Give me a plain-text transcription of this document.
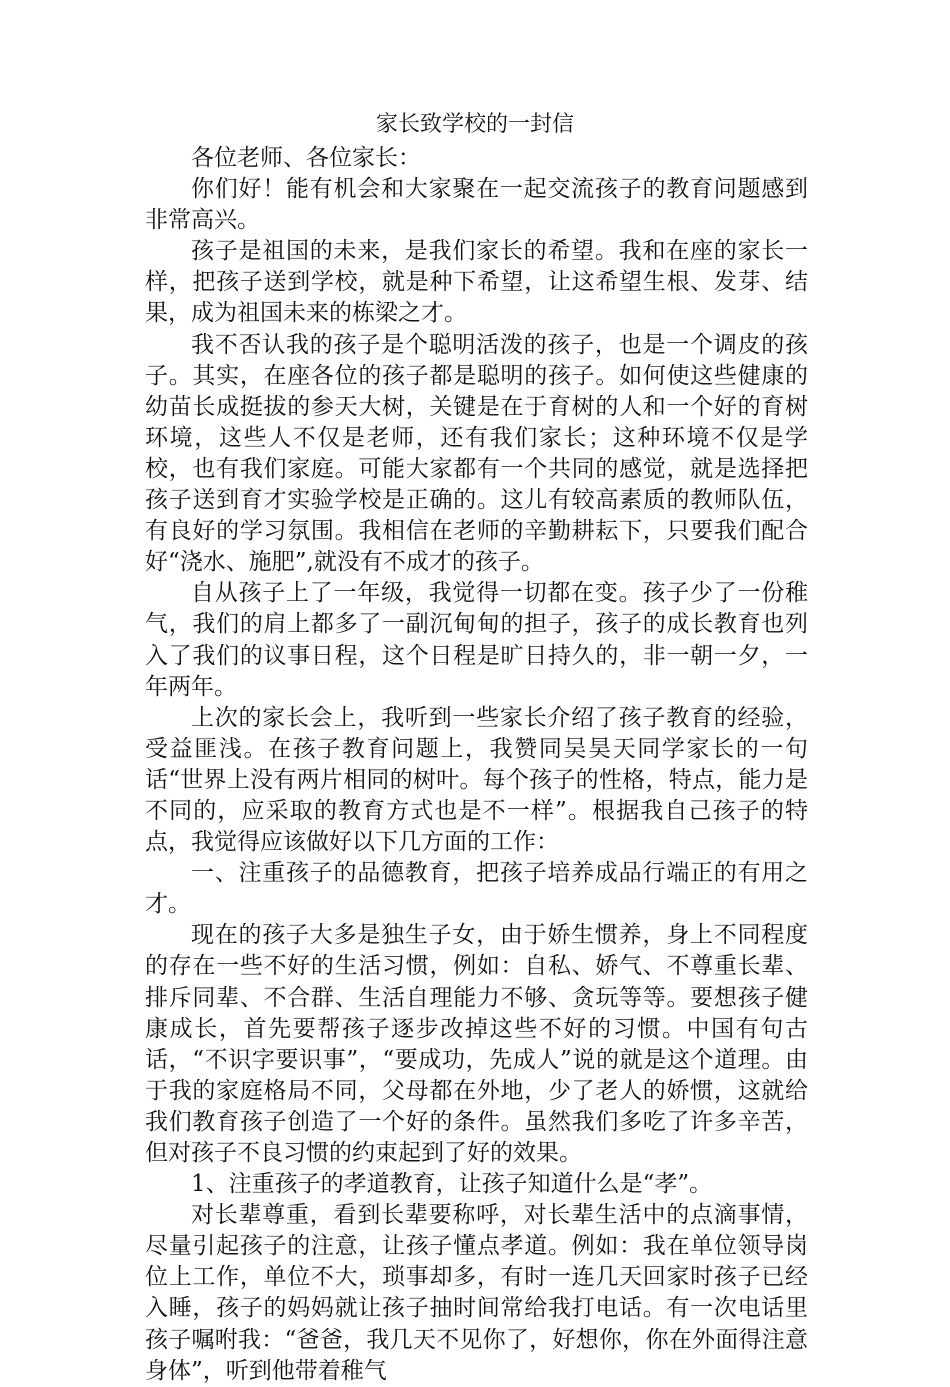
家长致学校的一封信

各位老师、各位家长：

你们好！能有机会和大家聚在一起交流孩子的教育问题感到非常高兴。

孩子是祖国的未来，是我们家长的希望。我和在座的家长一样，把孩子送到学校，就是种下希望，让这希望生根、发芽、结果，成为祖国未来的栋梁之才。

我不否认我的孩子是个聪明活泼的孩子，也是一个调皮的孩子。其实，在座各位的孩子都是聪明的孩子。如何使这些健康的幼苗长成挺拔的参天大树，关键是在于育树的人和一个好的育树环境，这些人不仅是老师，还有我们家长；这种环境不仅是学校，也有我们家庭。可能大家都有一个共同的感觉，就是选择把孩子送到育才实验学校是正确的。这儿有较高素质的教师队伍，有良好的学习氛围。我相信在老师的辛勤耕耘下，只要我们配合好“浇水、施肥”,就没有不成才的孩子。

自从孩子上了一年级，我觉得一切都在变。孩子少了一份稚气，我们的肩上都多了一副沉甸甸的担子，孩子的成长教育也列入了我们的议事日程，这个日程是旷日持久的，非一朝一夕，一年两年。

上次的家长会上，我听到一些家长介绍了孩子教育的经验，受益匪浅。在孩子教育问题上，我赞同吴昊天同学家长的一句话“世界上没有两片相同的树叶。每个孩子的性格，特点，能力是不同的，应采取的教育方式也是不一样”。根据我自己孩子的特点，我觉得应该做好以下几方面的工作：

一、注重孩子的品德教育，把孩子培养成品行端正的有用之才。

现在的孩子大多是独生子女，由于娇生惯养，身上不同程度的存在一些不好的生活习惯，例如：自私、娇气、不尊重长辈、排斥同辈、不合群、生活自理能力不够、贪玩等等。要想孩子健康成长，首先要帮孩子逐步改掉这些不好的习惯。中国有句古话，“不识字要识事”，“要成功，先成人”说的就是这个道理。由于我的家庭格局不同，父母都在外地，少了老人的娇惯，这就给我们教育孩子创造了一个好的条件。虽然我们多吃了许多辛苦，但对孩子不良习惯的约束起到了好的效果。

1、注重孩子的孝道教育，让孩子知道什么是“孝”。

对长辈尊重，看到长辈要称呼，对长辈生活中的点滴事情，尽量引起孩子的注意，让孩子懂点孝道。例如：我在单位领导岗位上工作，单位不大，琐事却多，有时一连几天回家时孩子已经入睡，孩子的妈妈就让孩子抽时间常给我打电话。有一次电话里孩子嘱咐我：“爸爸，我几天不见你了，好想你，你在外面得注意身体”，听到他带着稚气
